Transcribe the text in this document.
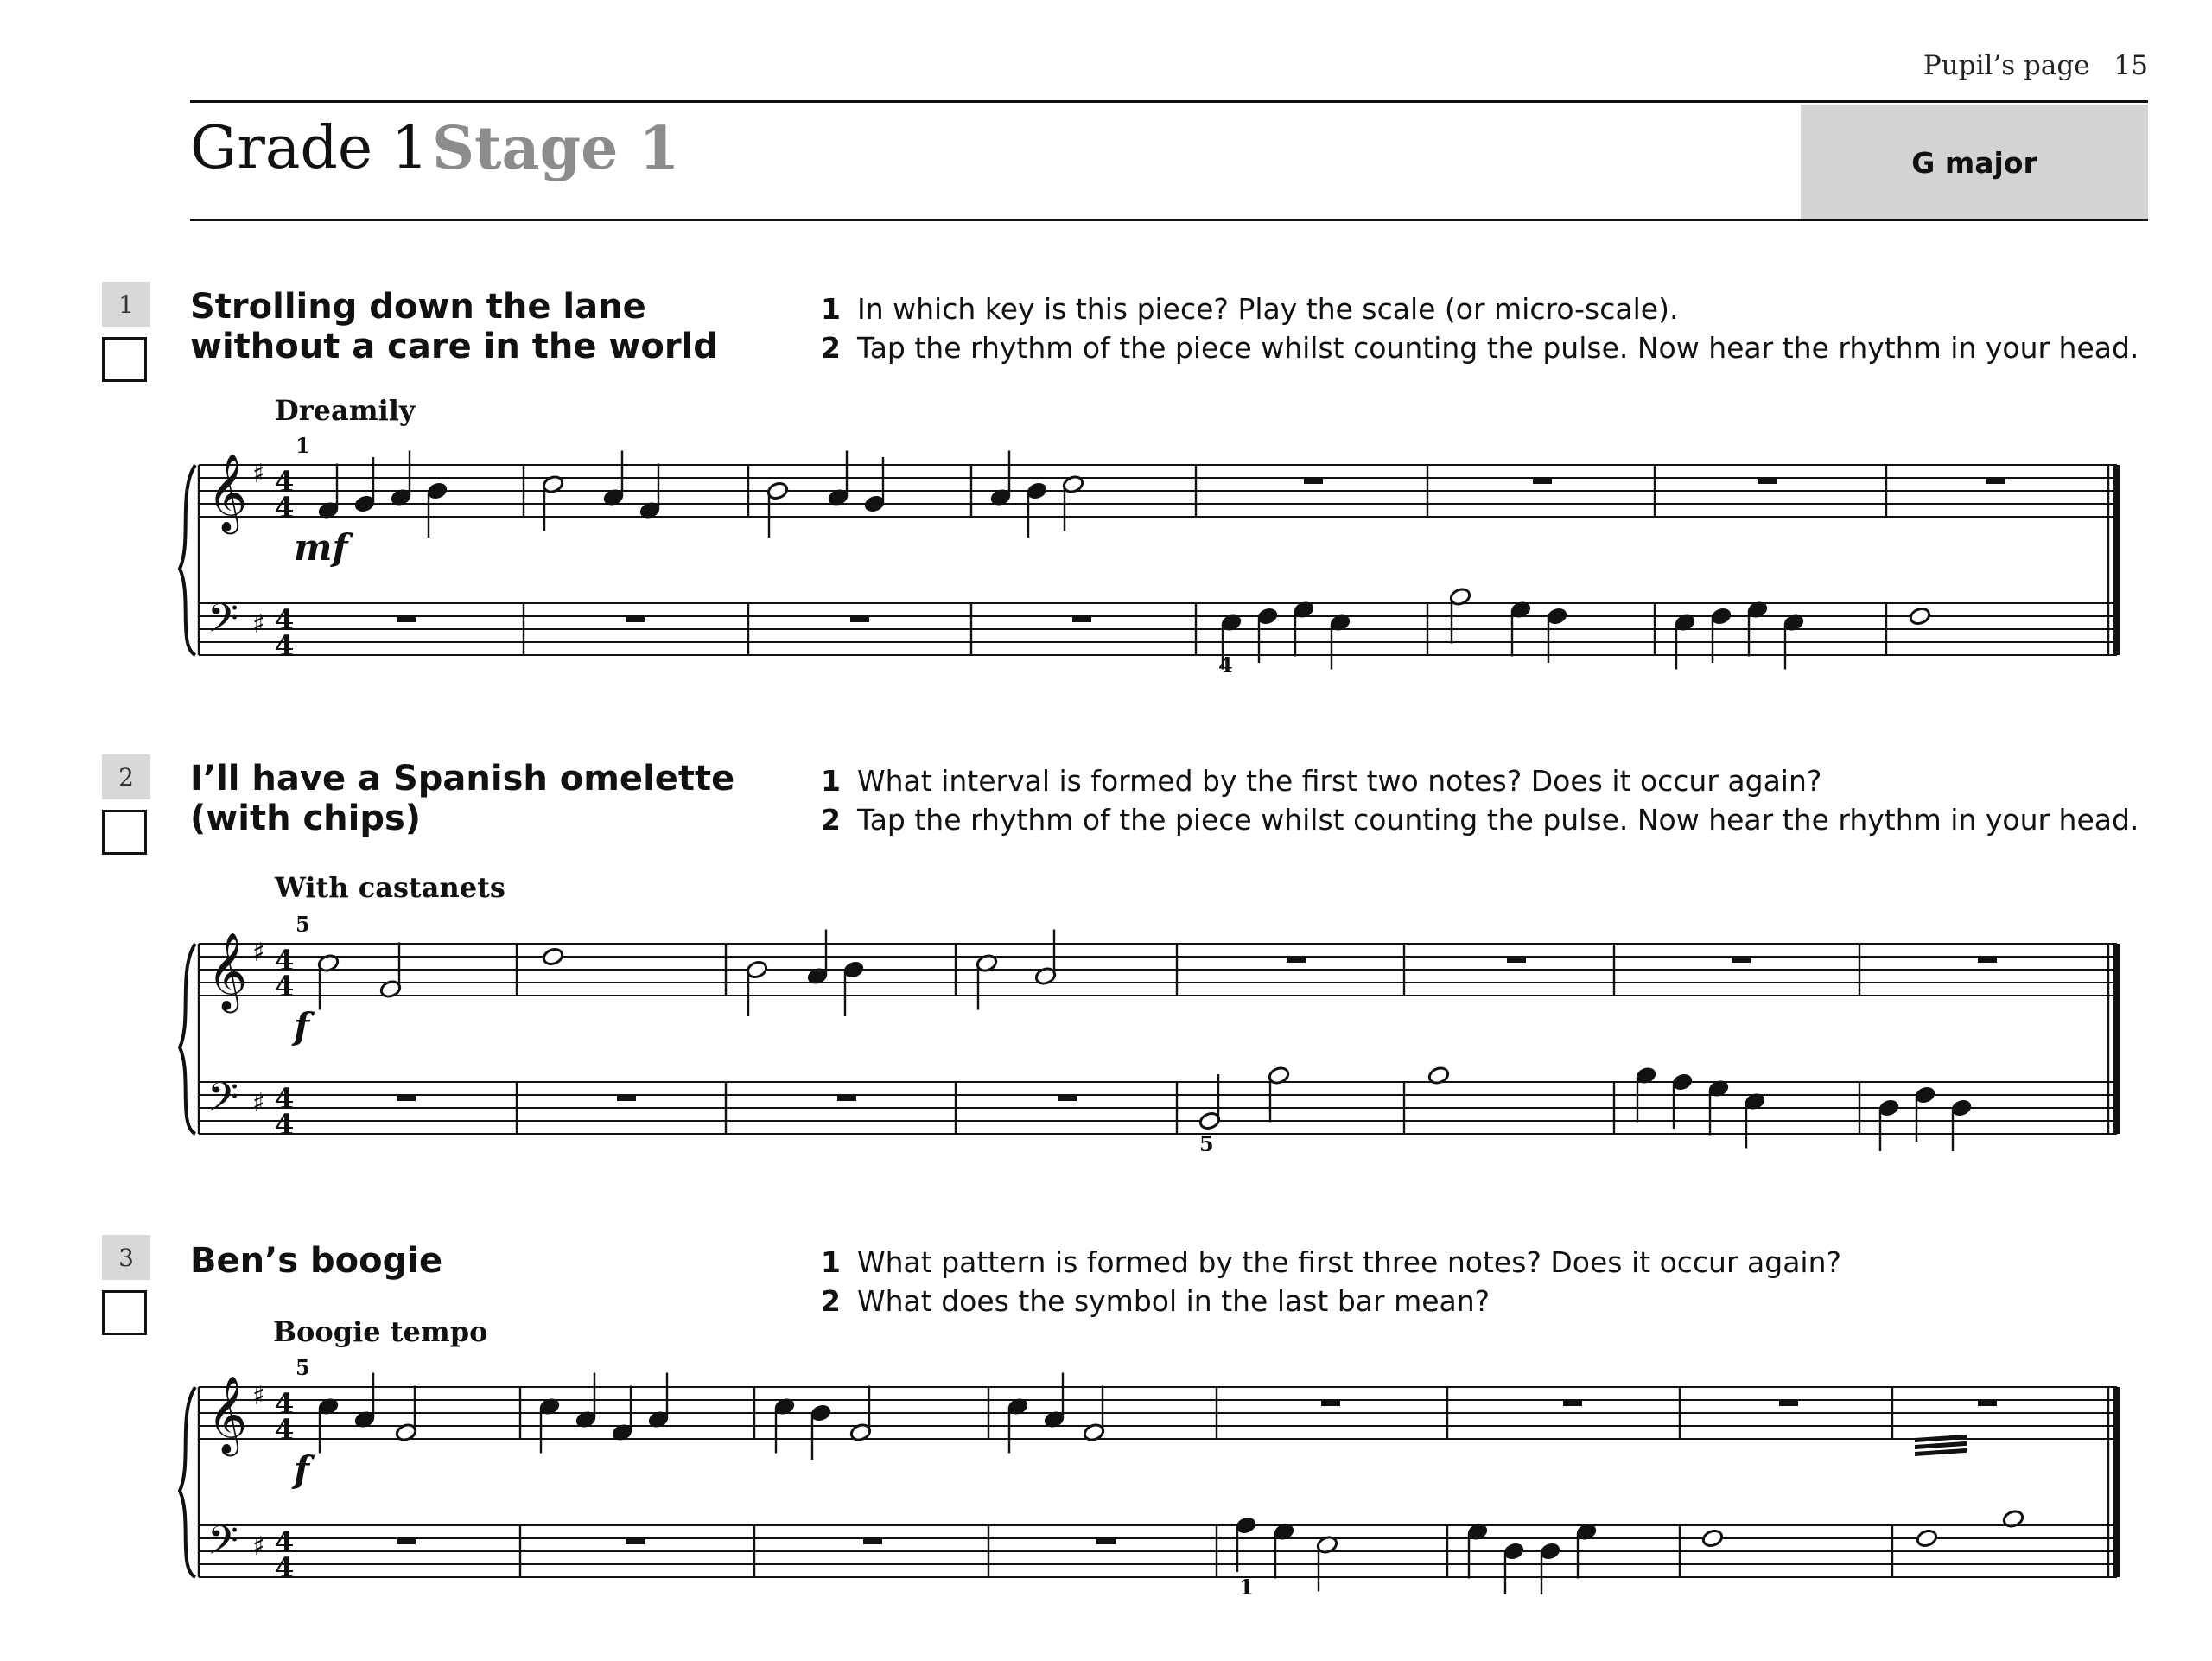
Pupil’s page 15
Grade 1 Stage 1	G major
1 Strolling down the lane without a care in the world
1 In which key is this piece? Play the scale (or micro-scale).
2 Tap the rhythm of the piece whilst counting the pulse. Now hear the rhythm in your head.
Dreamily
𝄞
𝄢
♯
♯
4
4
4
4
1
mf
4
2 I’ll have a Spanish omelette (with chips)
1 What interval is formed by the first two notes? Does it occur again?
2 Tap the rhythm of the piece whilst counting the pulse. Now hear the rhythm in your head.
With castanets
𝄞
𝄢
♯
♯
4
4
4
4
5
f
5
3 Ben’s boogie	1 What pattern is formed by the first three notes? Does it occur again?
2 What does the symbol in the last bar mean?
Boogie tempo
𝄞
𝄢
♯
♯
4
4
4
4
5
f
1
